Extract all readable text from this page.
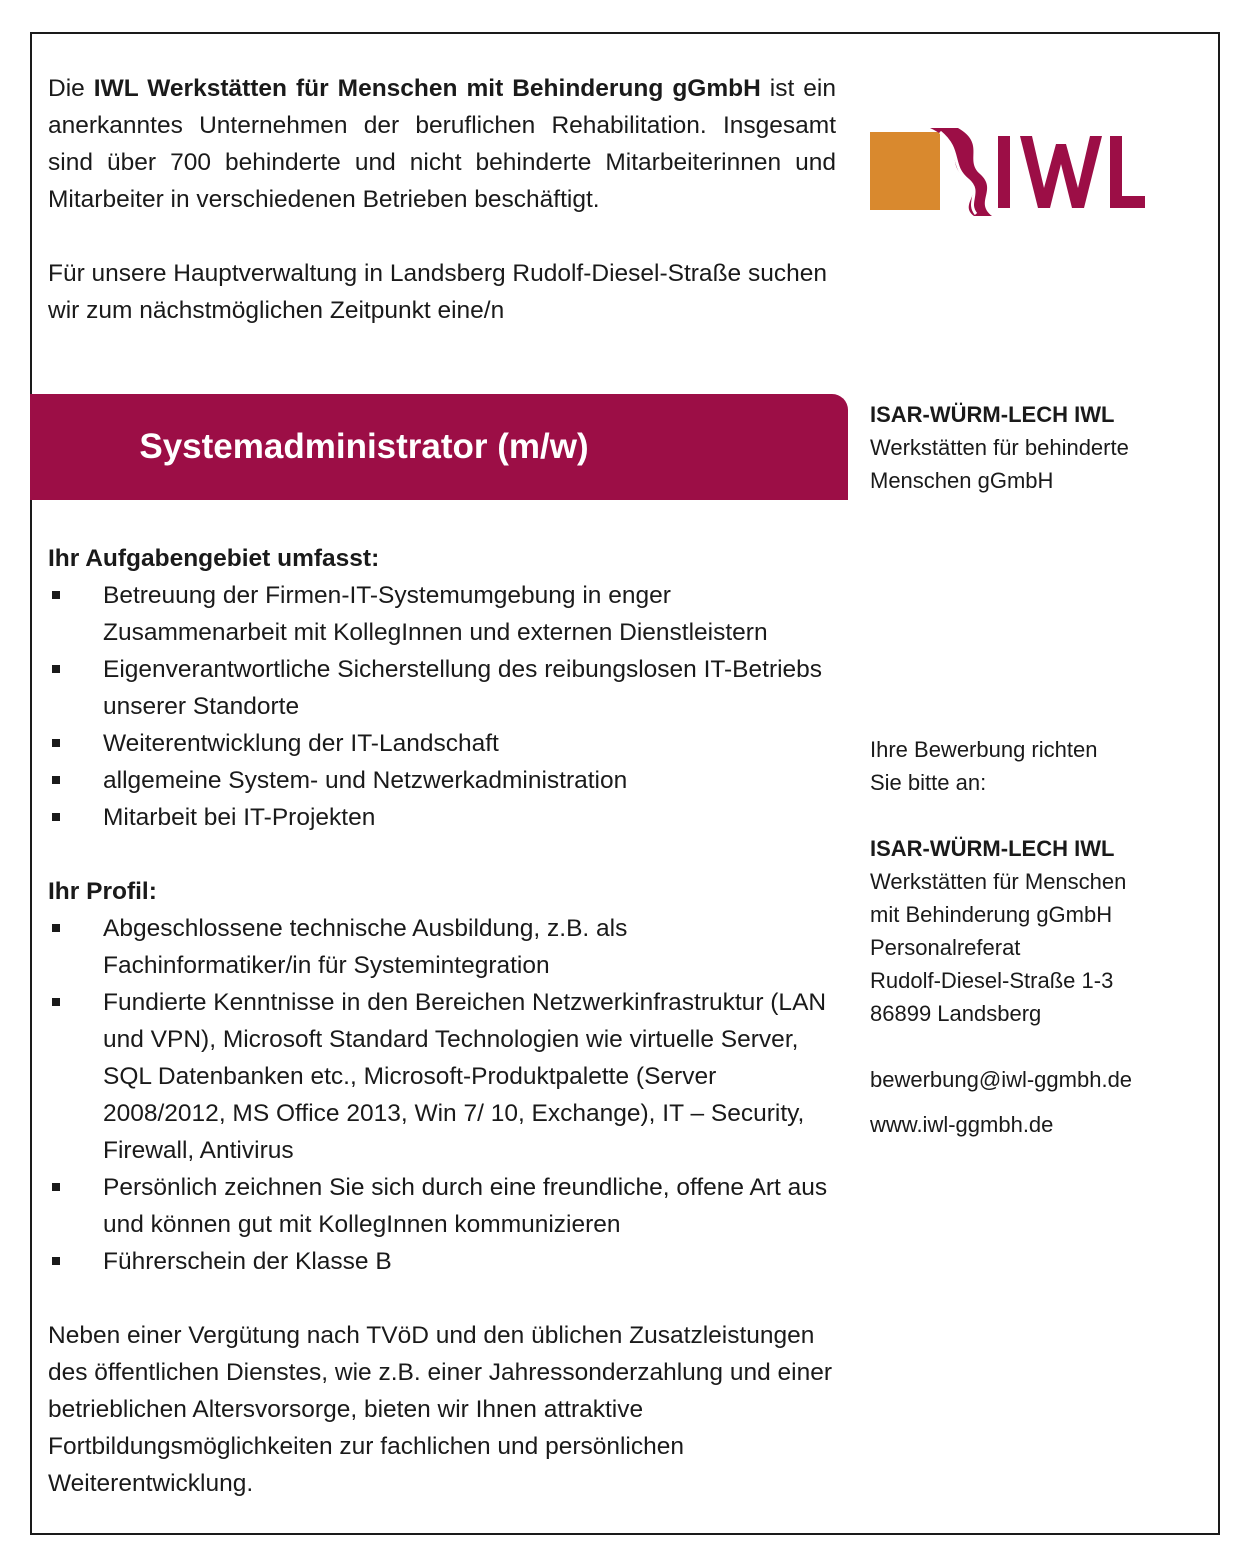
Die IWL Werkstätten für Menschen mit Behinderung gGmbH ist ein anerkanntes Unternehmen der beruflichen Rehabilitation. Insgesamt sind über 700 behinderte und nicht behinderte Mitarbeiterinnen und Mitarbeiter in verschiedenen Betrieben beschäftigt.

Für unsere Hauptverwaltung in Landsberg Rudolf-Diesel-Straße suchen wir zum nächstmöglichen Zeitpunkt eine/n

Systemadministrator (m/w)
ISAR-WÜRM-LECH IWL
Werkstätten für behinderte
Menschen gGmbH
Ihr Aufgabengebiet umfasst:
Betreuung der Firmen-IT-Systemumgebung in enger Zusammenarbeit mit KollegInnen und externen Dienstleistern
Eigenverantwortliche Sicherstellung des reibungslosen IT-Betriebs unserer Standorte
Weiterentwicklung der IT-Landschaft
allgemeine System- und Netzwerkadministration
Mitarbeit bei IT-Projekten
Ihr Profil:
Abgeschlossene technische Ausbildung, z.B. als Fachinformatiker/in für Systemintegration
Fundierte Kenntnisse in den Bereichen Netzwerkinfrastruktur (LAN und VPN), Microsoft Standard Technologien wie virtuelle Server, SQL Datenbanken etc., Microsoft-Produktpalette (Server 2008/2012, MS Office 2013, Win 7/ 10, Exchange), IT – Security, Firewall, Antivirus
Persönlich zeichnen Sie sich durch eine freundliche, offene Art aus und können gut mit KollegInnen kommunizieren
Führerschein der Klasse B

Neben einer Vergütung nach TVöD und den üblichen Zusatzleistungen des öffentlichen Dienstes, wie z.B. einer Jahressonderzahlung und einer betrieblichen Altersvorsorge, bieten wir Ihnen attraktive Fortbildungsmöglichkeiten zur fachlichen und persönlichen Weiterentwicklung.

Ihre Bewerbung richten
Sie bitte an:
ISAR-WÜRM-LECH IWL
Werkstätten für Menschen
mit Behinderung gGmbH
Personalreferat
Rudolf-Diesel-Straße 1-3
86899 Landsberg
bewerbung@iwl-ggmbh.de
www.iwl-ggmbh.de
